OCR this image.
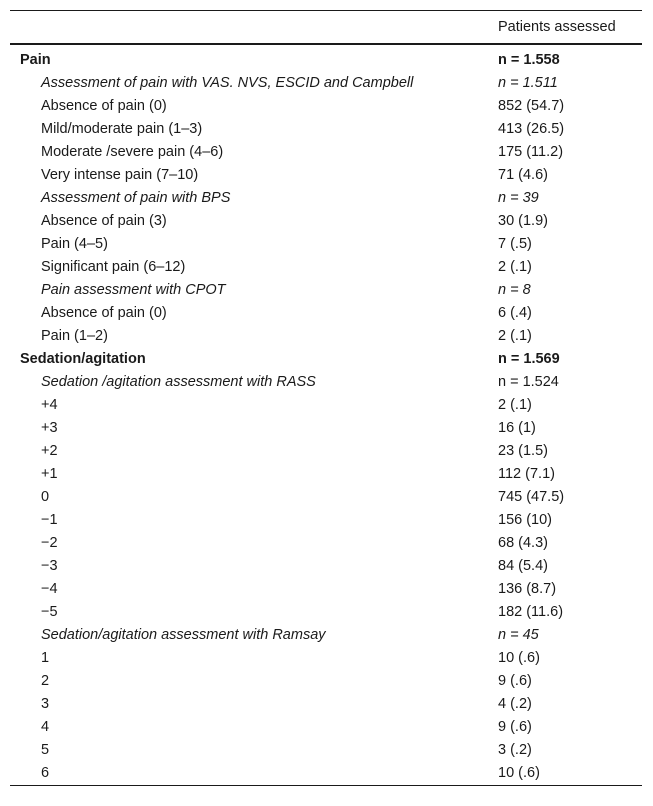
Patients assessed
Pain	n = 1.558
Assessment of pain with VAS. NVS, ESCID and Campbell	n = 1.511
Absence of pain (0)	852 (54.7)
Mild/moderate pain (1–3)	413 (26.5)
Moderate /severe pain (4–6)	175 (11.2)
Very intense pain (7–10)	71 (4.6)
Assessment of pain with BPS	n = 39
Absence of pain (3)	30 (1.9)
Pain (4–5)	7 (.5)
Significant pain (6–12)	2 (.1)
Pain assessment with CPOT	n = 8
Absence of pain (0)	6 (.4)
Pain (1–2)	2 (.1)
Sedation/agitation	n = 1.569
Sedation /agitation assessment with RASS	n = 1.524
+4	2 (.1)
+3	16 (1)
+2	23 (1.5)
+1	112 (7.1)
0	745 (47.5)
−1	156 (10)
−2	68 (4.3)
−3	84 (5.4)
−4	136 (8.7)
−5	182 (11.6)
Sedation/agitation assessment with Ramsay	n = 45
1	10 (.6)
2	9 (.6)
3	4 (.2)
4	9 (.6)
5	3 (.2)
6	10 (.6)
